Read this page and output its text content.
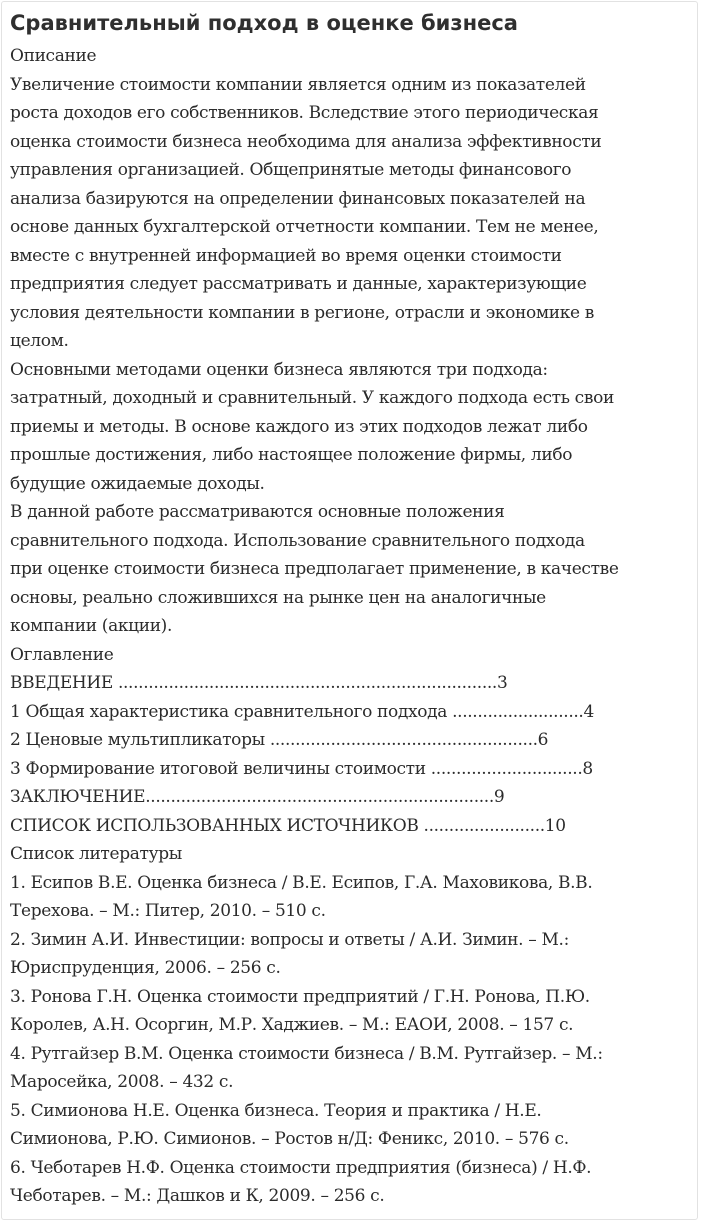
Сравнительный подход в оценке бизнеса
Описание
Увеличение стоимости компании является одним из показателей
роста доходов его собственников. Вследствие этого периодическая
оценка стоимости бизнеса необходима для анализа эффективности
управления организацией. Общепринятые методы финансового
анализа базируются на определении финансовых показателей на
основе данных бухгалтерской отчетности компании. Тем не менее,
вместе с внутренней информацией во время оценки стоимости
предприятия следует рассматривать и данные, характеризующие
условия деятельности компании в регионе, отрасли и экономике в
целом.
Основными методами оценки бизнеса являются три подхода:
затратный, доходный и сравнительный. У каждого подхода есть свои
приемы и методы. В основе каждого из этих подходов лежат либо
прошлые достижения, либо настоящее положение фирмы, либо
будущие ожидаемые доходы.
В данной работе рассматриваются основные положения
сравнительного подхода. Использование сравнительного подхода
при оценке стоимости бизнеса предполагает применение, в качестве
основы, реально сложившихся на рынке цен на аналогичные
компании (акции).
Оглавление
ВВЕДЕНИЕ ...........................................................................3
1 Общая характеристика сравнительного подхода ..........................4
2 Ценовые мультипликаторы .....................................................6
3 Формирование итоговой величины стоимости ..............................8
ЗАКЛЮЧЕНИЕ.....................................................................9
СПИСОК ИСПОЛЬЗОВАННЫХ ИСТОЧНИКОВ ........................10
Список литературы
1. Есипов В.Е. Оценка бизнеса / В.Е. Есипов, Г.А. Маховикова, В.В.
Терехова. – М.: Питер, 2010. – 510 с.
2. Зимин А.И. Инвестиции: вопросы и ответы / А.И. Зимин. – М.:
Юриспруденция, 2006. – 256 с.
3. Ронова Г.Н. Оценка стоимости предприятий / Г.Н. Ронова, П.Ю.
Королев, А.Н. Осоргин, М.Р. Хаджиев. – М.: ЕАОИ, 2008. – 157 с.
4. Рутгайзер В.М. Оценка стоимости бизнеса / В.М. Рутгайзер. – М.:
Маросейка, 2008. – 432 с.
5. Симионова Н.Е. Оценка бизнеса. Теория и практика / Н.Е.
Симионова, Р.Ю. Симионов. – Ростов н/Д: Феникс, 2010. – 576 с.
6. Чеботарев Н.Ф. Оценка стоимости предприятия (бизнеса) / Н.Ф.
Чеботарев. – М.: Дашков и К, 2009. – 256 с.
